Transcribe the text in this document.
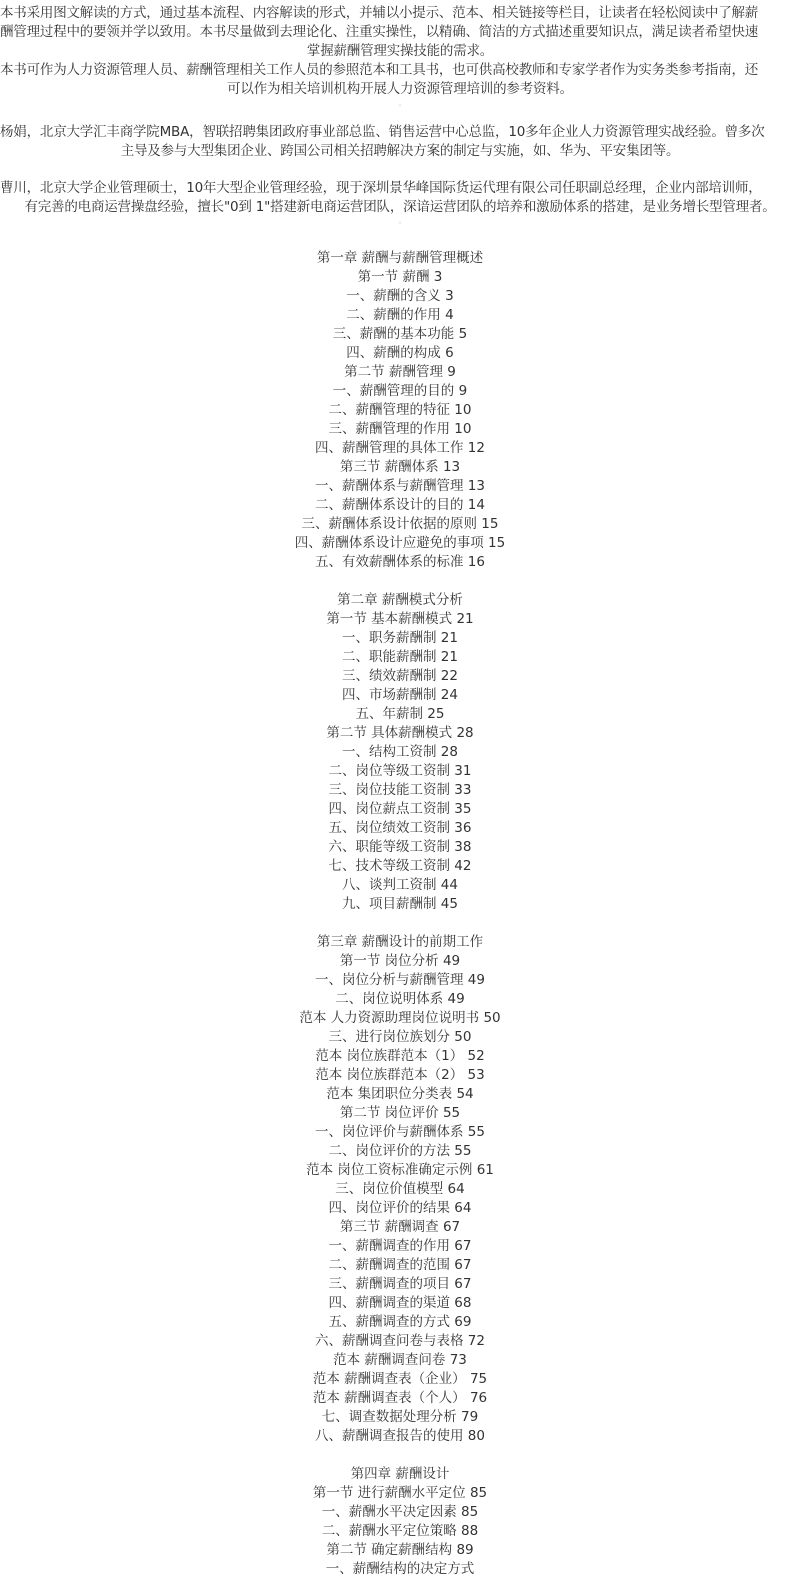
本书采用图文解读的方式，通过基本流程、内容解读的形式，并辅以小提示、范本、相关链接等栏目，让读者在轻松阅读中了解薪
酬管理过程中的要领并学以致用。本书尽量做到去理论化、注重实操性，以精确、简洁的方式描述重要知识点，满足读者希望快速
掌握薪酬管理实操技能的需求。
本书可作为人力资源管理人员、薪酬管理相关工作人员的参照范本和工具书，也可供高校教师和专家学者作为实务类参考指南，还
可以作为相关培训机构开展人力资源管理培训的参考资料。
◦
杨娟，北京大学汇丰商学院MBA，智联招聘集团政府事业部总监、销售运营中心总监，10多年企业人力资源管理实战经验。曾多次
主导及参与大型集团企业、跨国公司相关招聘解决方案的制定与实施，如、华为、平安集团等。
曹川，北京大学企业管理硕士，10年大型企业管理经验，现于深圳景华峰国际货运代理有限公司任职副总经理，企业内部培训师，
有完善的电商运营操盘经验，擅长"0到 1"搭建新电商运营团队，深谙运营团队的培养和激励体系的搭建，是业务增长型管理者。
◦
第一章 薪酬与薪酬管理概述
第一节 薪酬 3
一、薪酬的含义 3
二、薪酬的作用 4
三、薪酬的基本功能 5
四、薪酬的构成 6
第二节 薪酬管理 9
一、薪酬管理的目的 9
二、薪酬管理的特征 10
三、薪酬管理的作用 10
四、薪酬管理的具体工作 12
第三节 薪酬体系 13
一、薪酬体系与薪酬管理 13
二、薪酬体系设计的目的 14
三、薪酬体系设计依据的原则 15
四、薪酬体系设计应避免的事项 15
五、有效薪酬体系的标准 16
第二章 薪酬模式分析
第一节 基本薪酬模式 21
一、职务薪酬制 21
二、职能薪酬制 21
三、绩效薪酬制 22
四、市场薪酬制 24
五、年薪制 25
第二节 具体薪酬模式 28
一、结构工资制 28
二、岗位等级工资制 31
三、岗位技能工资制 33
四、岗位薪点工资制 35
五、岗位绩效工资制 36
六、职能等级工资制 38
七、技术等级工资制 42
八、谈判工资制 44
九、项目薪酬制 45
第三章 薪酬设计的前期工作
第一节 岗位分析 49
一、岗位分析与薪酬管理 49
二、岗位说明体系 49
范本 人力资源助理岗位说明书 50
三、进行岗位族划分 50
范本 岗位族群范本（1） 52
范本 岗位族群范本（2） 53
范本 集团职位分类表 54
第二节 岗位评价 55
一、岗位评价与薪酬体系 55
二、岗位评价的方法 55
范本 岗位工资标准确定示例 61
三、岗位价值模型 64
四、岗位评价的结果 64
第三节 薪酬调查 67
一、薪酬调查的作用 67
二、薪酬调查的范围 67
三、薪酬调查的项目 67
四、薪酬调查的渠道 68
五、薪酬调查的方式 69
六、薪酬调查问卷与表格 72
范本 薪酬调查问卷 73
范本 薪酬调查表（企业） 75
范本 薪酬调查表（个人） 76
七、调查数据处理分析 79
八、薪酬调查报告的使用 80
第四章 薪酬设计
第一节 进行薪酬水平定位 85
一、薪酬水平决定因素 85
二、薪酬水平定位策略 88
第二节 确定薪酬结构 89
一、薪酬结构的决定方式
